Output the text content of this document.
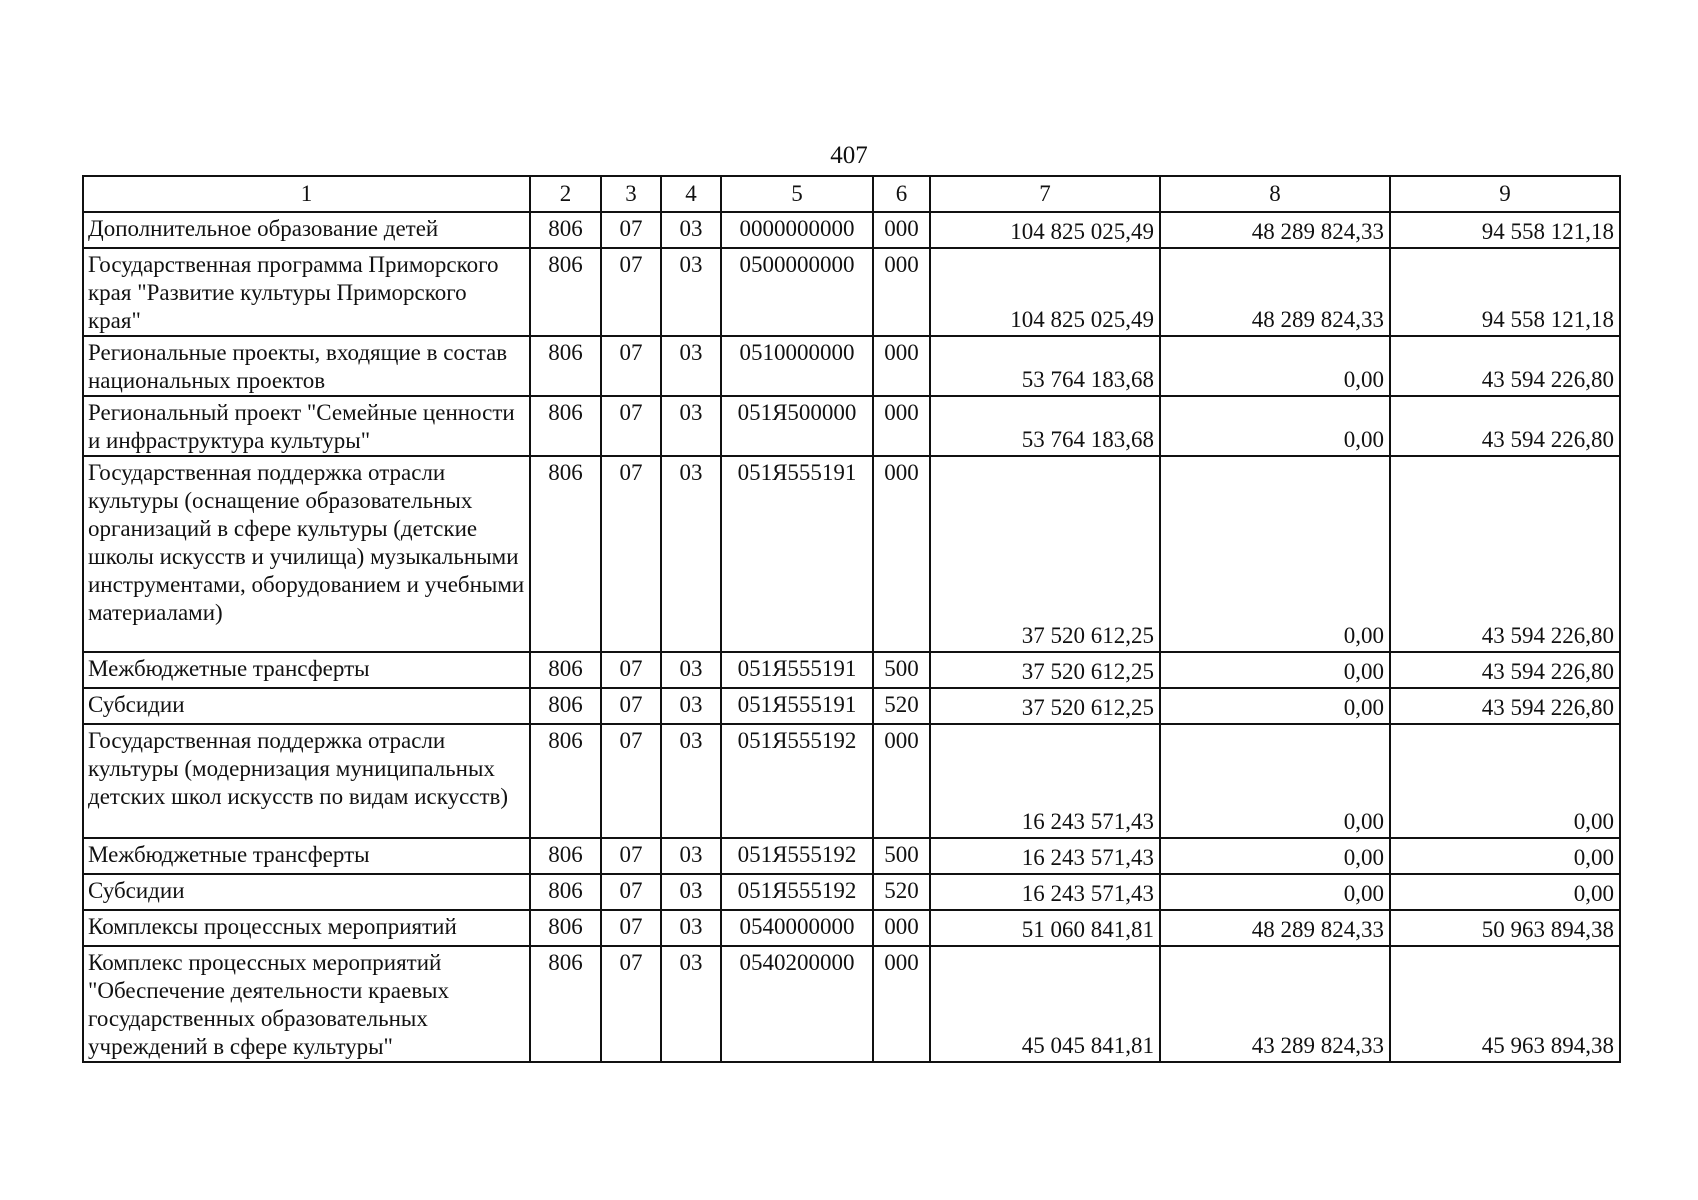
407
1	2	3	4	5	6	7	8	9
Дополнительное образование детей	806	07	03	0000000000	000	104 825 025,49	48 289 824,33	94 558 121,18
Государственная программа Приморского края "Развитие культуры Приморского края"	806	07	03	0500000000	000	104 825 025,49	48 289 824,33	94 558 121,18
Региональные проекты, входящие в состав национальных проектов	806	07	03	0510000000	000	53 764 183,68	0,00	43 594 226,80
Региональный проект "Семейные ценности и инфраструктура культуры"	806	07	03	051Я500000	000	53 764 183,68	0,00	43 594 226,80
Государственная поддержка отрасли культуры (оснащение образовательных организаций в сфере культуры (детские школы искусств и училища) музыкальными инструментами, оборудованием и учебными материалами)	806	07	03	051Я555191	000	37 520 612,25	0,00	43 594 226,80
Межбюджетные трансферты	806	07	03	051Я555191	500	37 520 612,25	0,00	43 594 226,80
Субсидии	806	07	03	051Я555191	520	37 520 612,25	0,00	43 594 226,80
Государственная поддержка отрасли культуры (модернизация муниципальных детских школ искусств по видам искусств)	806	07	03	051Я555192	000	16 243 571,43	0,00	0,00
Межбюджетные трансферты	806	07	03	051Я555192	500	16 243 571,43	0,00	0,00
Субсидии	806	07	03	051Я555192	520	16 243 571,43	0,00	0,00
Комплексы процессных мероприятий	806	07	03	0540000000	000	51 060 841,81	48 289 824,33	50 963 894,38
Комплекс процессных мероприятий "Обеспечение деятельности краевых государственных образовательных учреждений в сфере культуры"	806	07	03	0540200000	000	45 045 841,81	43 289 824,33	45 963 894,38
